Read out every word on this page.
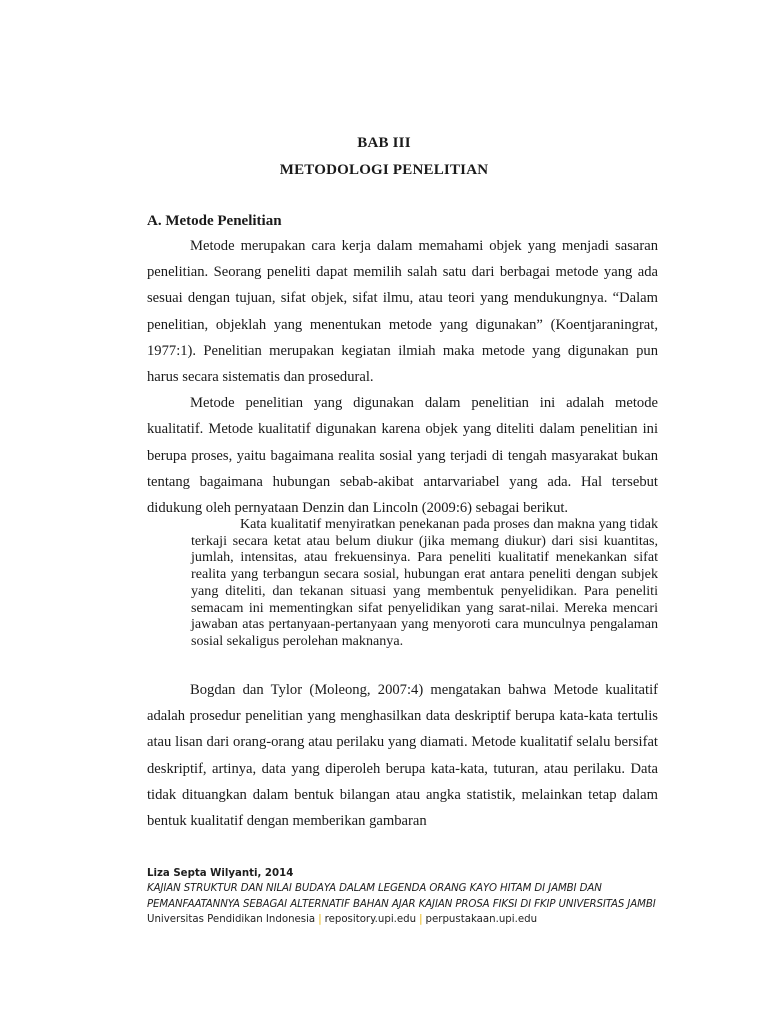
BAB III
METODOLOGI PENELITIAN
A. Metode Penelitian

Metode merupakan cara kerja dalam memahami objek yang menjadi sasaran penelitian. Seorang peneliti dapat memilih salah satu dari berbagai metode yang ada sesuai dengan tujuan, sifat objek, sifat ilmu, atau teori yang mendukungnya. “Dalam penelitian, objeklah yang menentukan metode yang digunakan” (Koentjaraningrat, 1977:1). Penelitian merupakan kegiatan ilmiah maka metode yang digunakan pun harus secara sistematis dan prosedural.

Metode penelitian yang digunakan dalam penelitian ini adalah metode kualitatif. Metode kualitatif digunakan karena objek yang diteliti dalam penelitian ini berupa proses, yaitu bagaimana realita sosial yang terjadi di tengah masyarakat bukan tentang bagaimana hubungan sebab-akibat antarvariabel yang ada. Hal tersebut didukung oleh pernyataan Denzin dan Lincoln (2009:6) sebagai berikut.

Kata kualitatif menyiratkan penekanan pada proses dan makna yang tidak terkaji secara ketat atau belum diukur (jika memang diukur) dari sisi kuantitas, jumlah, intensitas, atau frekuensinya. Para peneliti kualitatif menekankan sifat realita yang terbangun secara sosial, hubungan erat antara peneliti dengan subjek yang diteliti, dan tekanan situasi yang membentuk penyelidikan. Para peneliti semacam ini mementingkan sifat penyelidikan yang sarat-nilai. Mereka mencari jawaban atas pertanyaan-pertanyaan yang menyoroti cara munculnya pengalaman sosial sekaligus perolehan maknanya.

Bogdan dan Tylor (Moleong, 2007:4) mengatakan bahwa Metode kualitatif adalah prosedur penelitian yang menghasilkan data deskriptif berupa kata-kata tertulis atau lisan dari orang-orang atau perilaku yang diamati. Metode kualitatif selalu bersifat deskriptif, artinya, data yang diperoleh berupa kata-kata, tuturan, atau perilaku. Data tidak dituangkan dalam bentuk bilangan atau angka statistik, melainkan tetap dalam bentuk kualitatif dengan memberikan gambaran

Liza Septa Wilyanti, 2014
KAJIAN STRUKTUR DAN NILAI BUDAYA DALAM LEGENDA ORANG KAYO HITAM DI JAMBI DAN PEMANFAATANNYA SEBAGAI ALTERNATIF BAHAN AJAR KAJIAN PROSA FIKSI DI FKIP UNIVERSITAS JAMBI
Universitas Pendidikan Indonesia | repository.upi.edu | perpustakaan.upi.edu
